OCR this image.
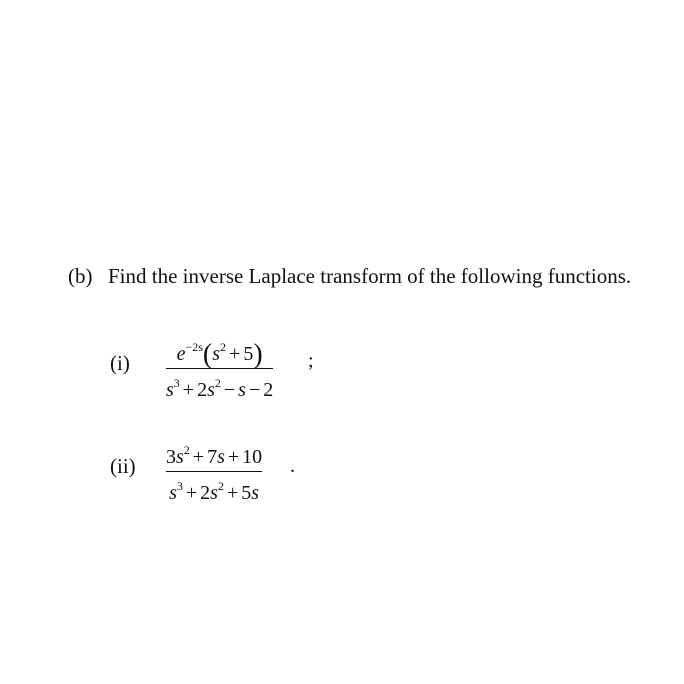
(b) Find the inverse Laplace transform of the following functions.
(i)	$e^{-2s}(s^2 + 5)$
$s^3 + 2s^2 - s - 2$
;
(ii) $3s^2 + 7s + 10$
$s^3 + 2s^2 + 5s$
.
